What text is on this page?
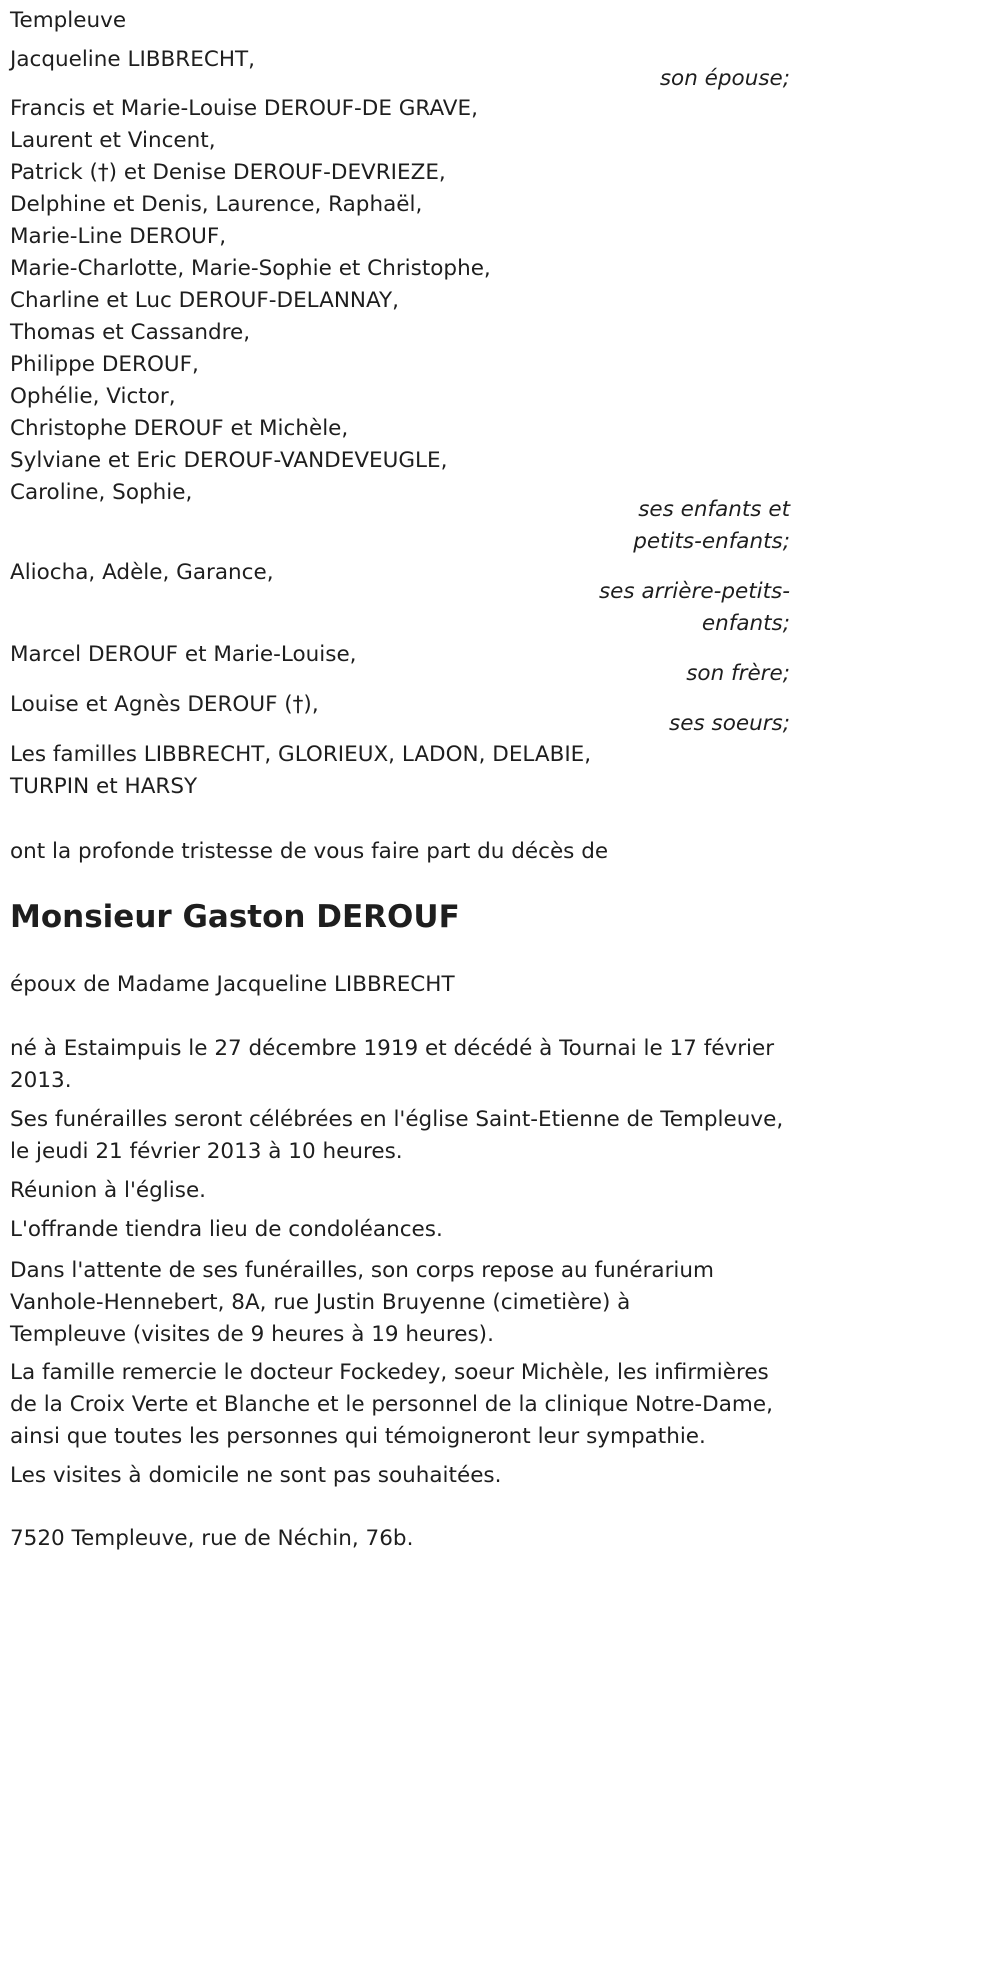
Templeuve
Jacqueline LIBBRECHT,
son épouse;
Francis et Marie-Louise DEROUF-DE GRAVE,
Laurent et Vincent,
Patrick (†) et Denise DEROUF-DEVRIEZE,
Delphine et Denis, Laurence, Raphaël,
Marie-Line DEROUF,
Marie-Charlotte, Marie-Sophie et Christophe,
Charline et Luc DEROUF-DELANNAY,
Thomas et Cassandre,
Philippe DEROUF,
Ophélie, Victor,
Christophe DEROUF et Michèle,
Sylviane et Eric DEROUF-VANDEVEUGLE,
Caroline, Sophie,
ses enfants et
petits-enfants;
Aliocha, Adèle, Garance,
ses arrière-petits-
enfants;
Marcel DEROUF et Marie-Louise,
son frère;
Louise et Agnès DEROUF (†),
ses soeurs;
Les familles LIBBRECHT, GLORIEUX, LADON, DELABIE,
TURPIN et HARSY
ont la profonde tristesse de vous faire part du décès de
Monsieur Gaston DEROUF
époux de Madame Jacqueline LIBBRECHT
né à Estaimpuis le 27 décembre 1919 et décédé à Tournai le 17 février 2013.
Ses funérailles seront célébrées en l'église Saint-Etienne de Templeuve, le jeudi 21 février 2013 à 10 heures.
Réunion à l'église.
L'offrande tiendra lieu de condoléances.
Dans l'attente de ses funérailles, son corps repose au funérarium Vanhole-Hennebert, 8A, rue Justin Bruyenne (cimetière) à Templeuve (visites de 9 heures à 19 heures).
La famille remercie le docteur Fockedey, soeur Michèle, les infirmières de la Croix Verte et Blanche et le personnel de la clinique Notre-Dame, ainsi que toutes les personnes qui témoigneront leur sympathie.
Les visites à domicile ne sont pas souhaitées.
7520 Templeuve, rue de Néchin, 76b.
